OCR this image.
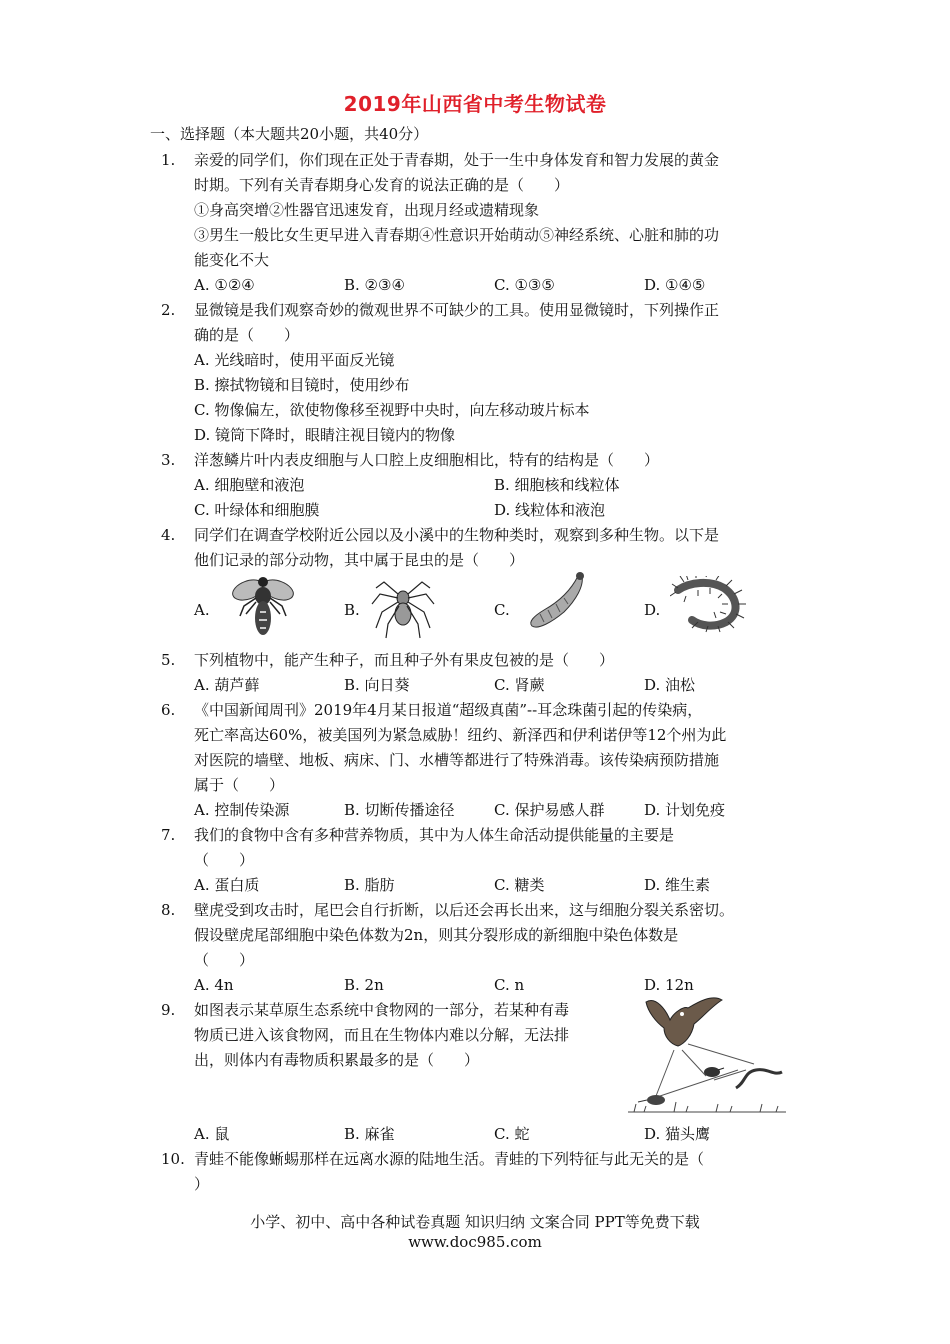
2019年山西省中考生物试卷
一、选择题（本大题共20小题，共40分）
1. 亲爱的同学们，你们现在正处于青春期，处于一生中身体发育和智力发展的黄金
时期。下列有关青春期身心发育的说法正确的是（　　）
①身高突增②性器官迅速发育，出现月经或遗精现象
③男生一般比女生更早进入青春期④性意识开始萌动⑤神经系统、心脏和肺的功
能变化不大
A. ①②④	B. ②③④	C. ①③⑤	D. ①④⑤
2. 显微镜是我们观察奇妙的微观世界不可缺少的工具。使用显微镜时，下列操作正
确的是（　　）
A. 光线暗时，使用平面反光镜
B. 擦拭物镜和目镜时，使用纱布
C. 物像偏左，欲使物像移至视野中央时，向左移动玻片标本
D. 镜筒下降时，眼睛注视目镜内的物像
3. 洋葱鳞片叶内表皮细胞与人口腔上皮细胞相比，特有的结构是（　　）
A. 细胞壁和液泡	B. 细胞核和线粒体
C. 叶绿体和细胞膜	D. 线粒体和液泡
4. 同学们在调查学校附近公园以及小溪中的生物种类时，观察到多种生物。以下是
他们记录的部分动物，其中属于昆虫的是（　　）
A.	B.	C.	D.
5. 下列植物中，能产生种子，而且种子外有果皮包被的是（　　）
A. 葫芦藓	B. 向日葵	C. 肾蕨	D. 油松
6. 《中国新闻周刊》2019年4月某日报道“超级真菌”--耳念珠菌引起的传染病，
死亡率高达60%，被美国列为紧急威胁！纽约、新泽西和伊利诺伊等12个州为此
对医院的墙壁、地板、病床、门、水槽等都进行了特殊消毒。该传染病预防措施
属于（　　）
A. 控制传染源	B. 切断传播途径	C. 保护易感人群	D. 计划免疫
7. 我们的食物中含有多种营养物质，其中为人体生命活动提供能量的主要是
（　　）
A. 蛋白质	B. 脂肪	C. 糖类	D. 维生素
8. 壁虎受到攻击时，尾巴会自行折断，以后还会再长出来，这与细胞分裂关系密切。
假设壁虎尾部细胞中染色体数为2n，则其分裂形成的新细胞中染色体数是
（　　）
A. 4n	B. 2n	C. n	D. 12n
9. 如图表示某草原生态系统中食物网的一部分，若某种有毒
物质已进入该食物网，而且在生物体内难以分解，无法排
出，则体内有毒物质积累最多的是（　　）
A. 鼠	B. 麻雀	C. 蛇	D. 猫头鹰
10. 青蛙不能像蜥蜴那样在远离水源的陆地生活。青蛙的下列特征与此无关的是（
）
小学、初中、高中各种试卷真题 知识归纳 文案合同 PPT等免费下载
www.doc985.com
